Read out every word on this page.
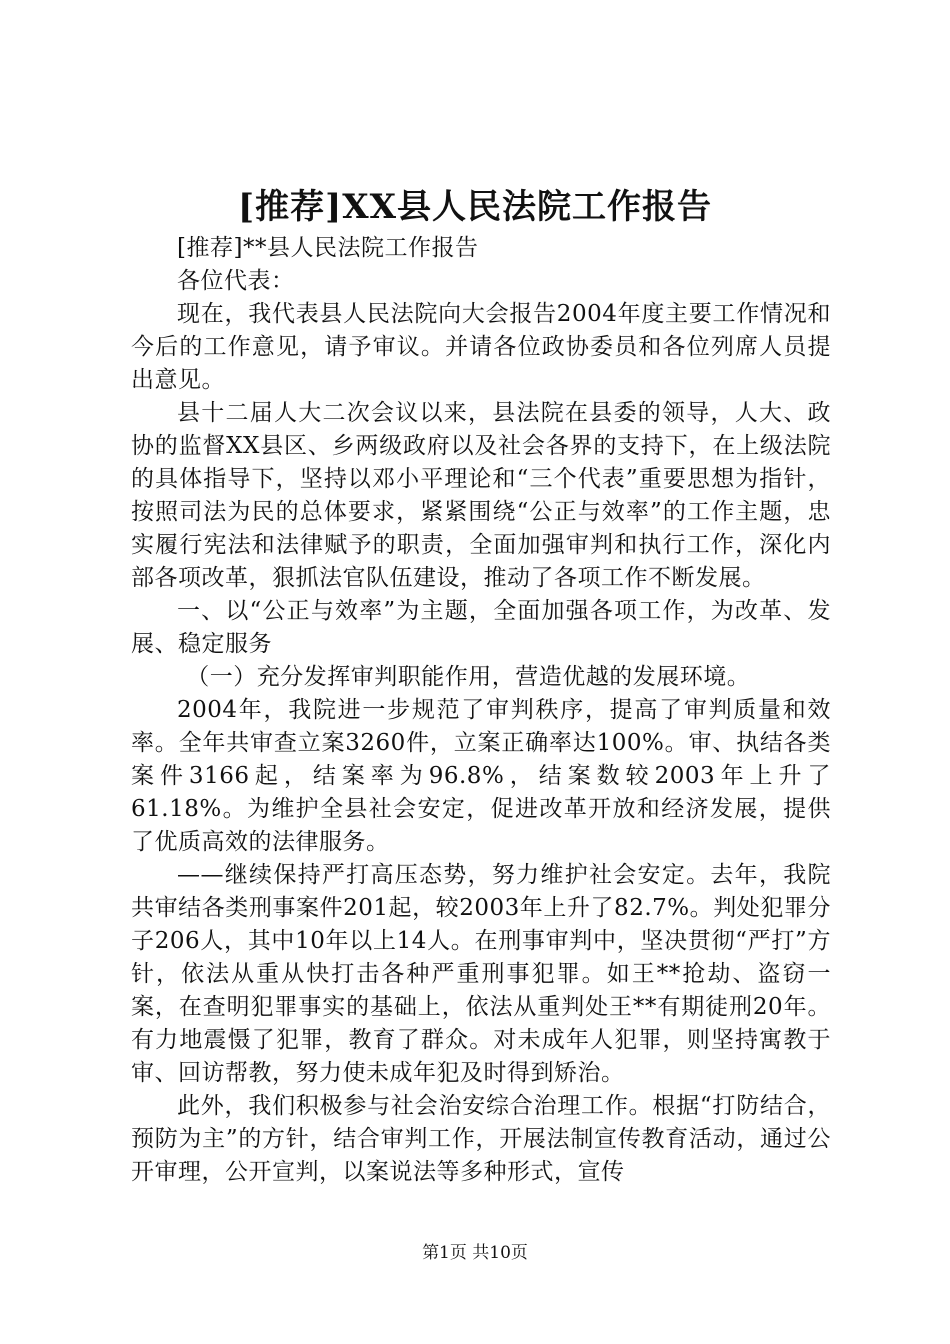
[推荐]XX县人民法院工作报告

[推荐]**县人民法院工作报告

各位代表：

现在，我代表县人民法院向大会报告2004年度主要工作情况和今后的工作意见，请予审议。并请各位政协委员和各位列席人员提出意见。

县十二届人大二次会议以来，县法院在县委的领导，人大、政协的监督XX县区、乡两级政府以及社会各界的支持下，在上级法院的具体指导下，坚持以邓小平理论和“三个代表”重要思想为指针，按照司法为民的总体要求，紧紧围绕“公正与效率”的工作主题，忠实履行宪法和法律赋予的职责，全面加强审判和执行工作，深化内部各项改革，狠抓法官队伍建设，推动了各项工作不断发展。

一、以“公正与效率”为主题，全面加强各项工作，为改革、发展、稳定服务

（一）充分发挥审判职能作用，营造优越的发展环境。

2004年，我院进一步规范了审判秩序，提高了审判质量和效率。全年共审查立案3260件，立案正确率达100%。审、执结各类案件3166起，结案率为96.8%，结案数较2003年上升了61.18%。为维护全县社会安定，促进改革开放和经济发展，提供了优质高效的法律服务。

——继续保持严打高压态势，努力维护社会安定。去年，我院共审结各类刑事案件201起，较2003年上升了82.7%。判处犯罪分子206人，其中10年以上14人。在刑事审判中，坚决贯彻“严打”方针，依法从重从快打击各种严重刑事犯罪。如王**抢劫、盗窃一案，在查明犯罪事实的基础上，依法从重判处王**有期徒刑20年。有力地震慑了犯罪，教育了群众。对未成年人犯罪，则坚持寓教于审、回访帮教，努力使未成年犯及时得到矫治。

此外，我们积极参与社会治安综合治理工作。根据“打防结合，预防为主”的方针，结合审判工作，开展法制宣传教育活动，通过公开审理，公开宣判，以案说法等多种形式，宣传

第1页 共10页
